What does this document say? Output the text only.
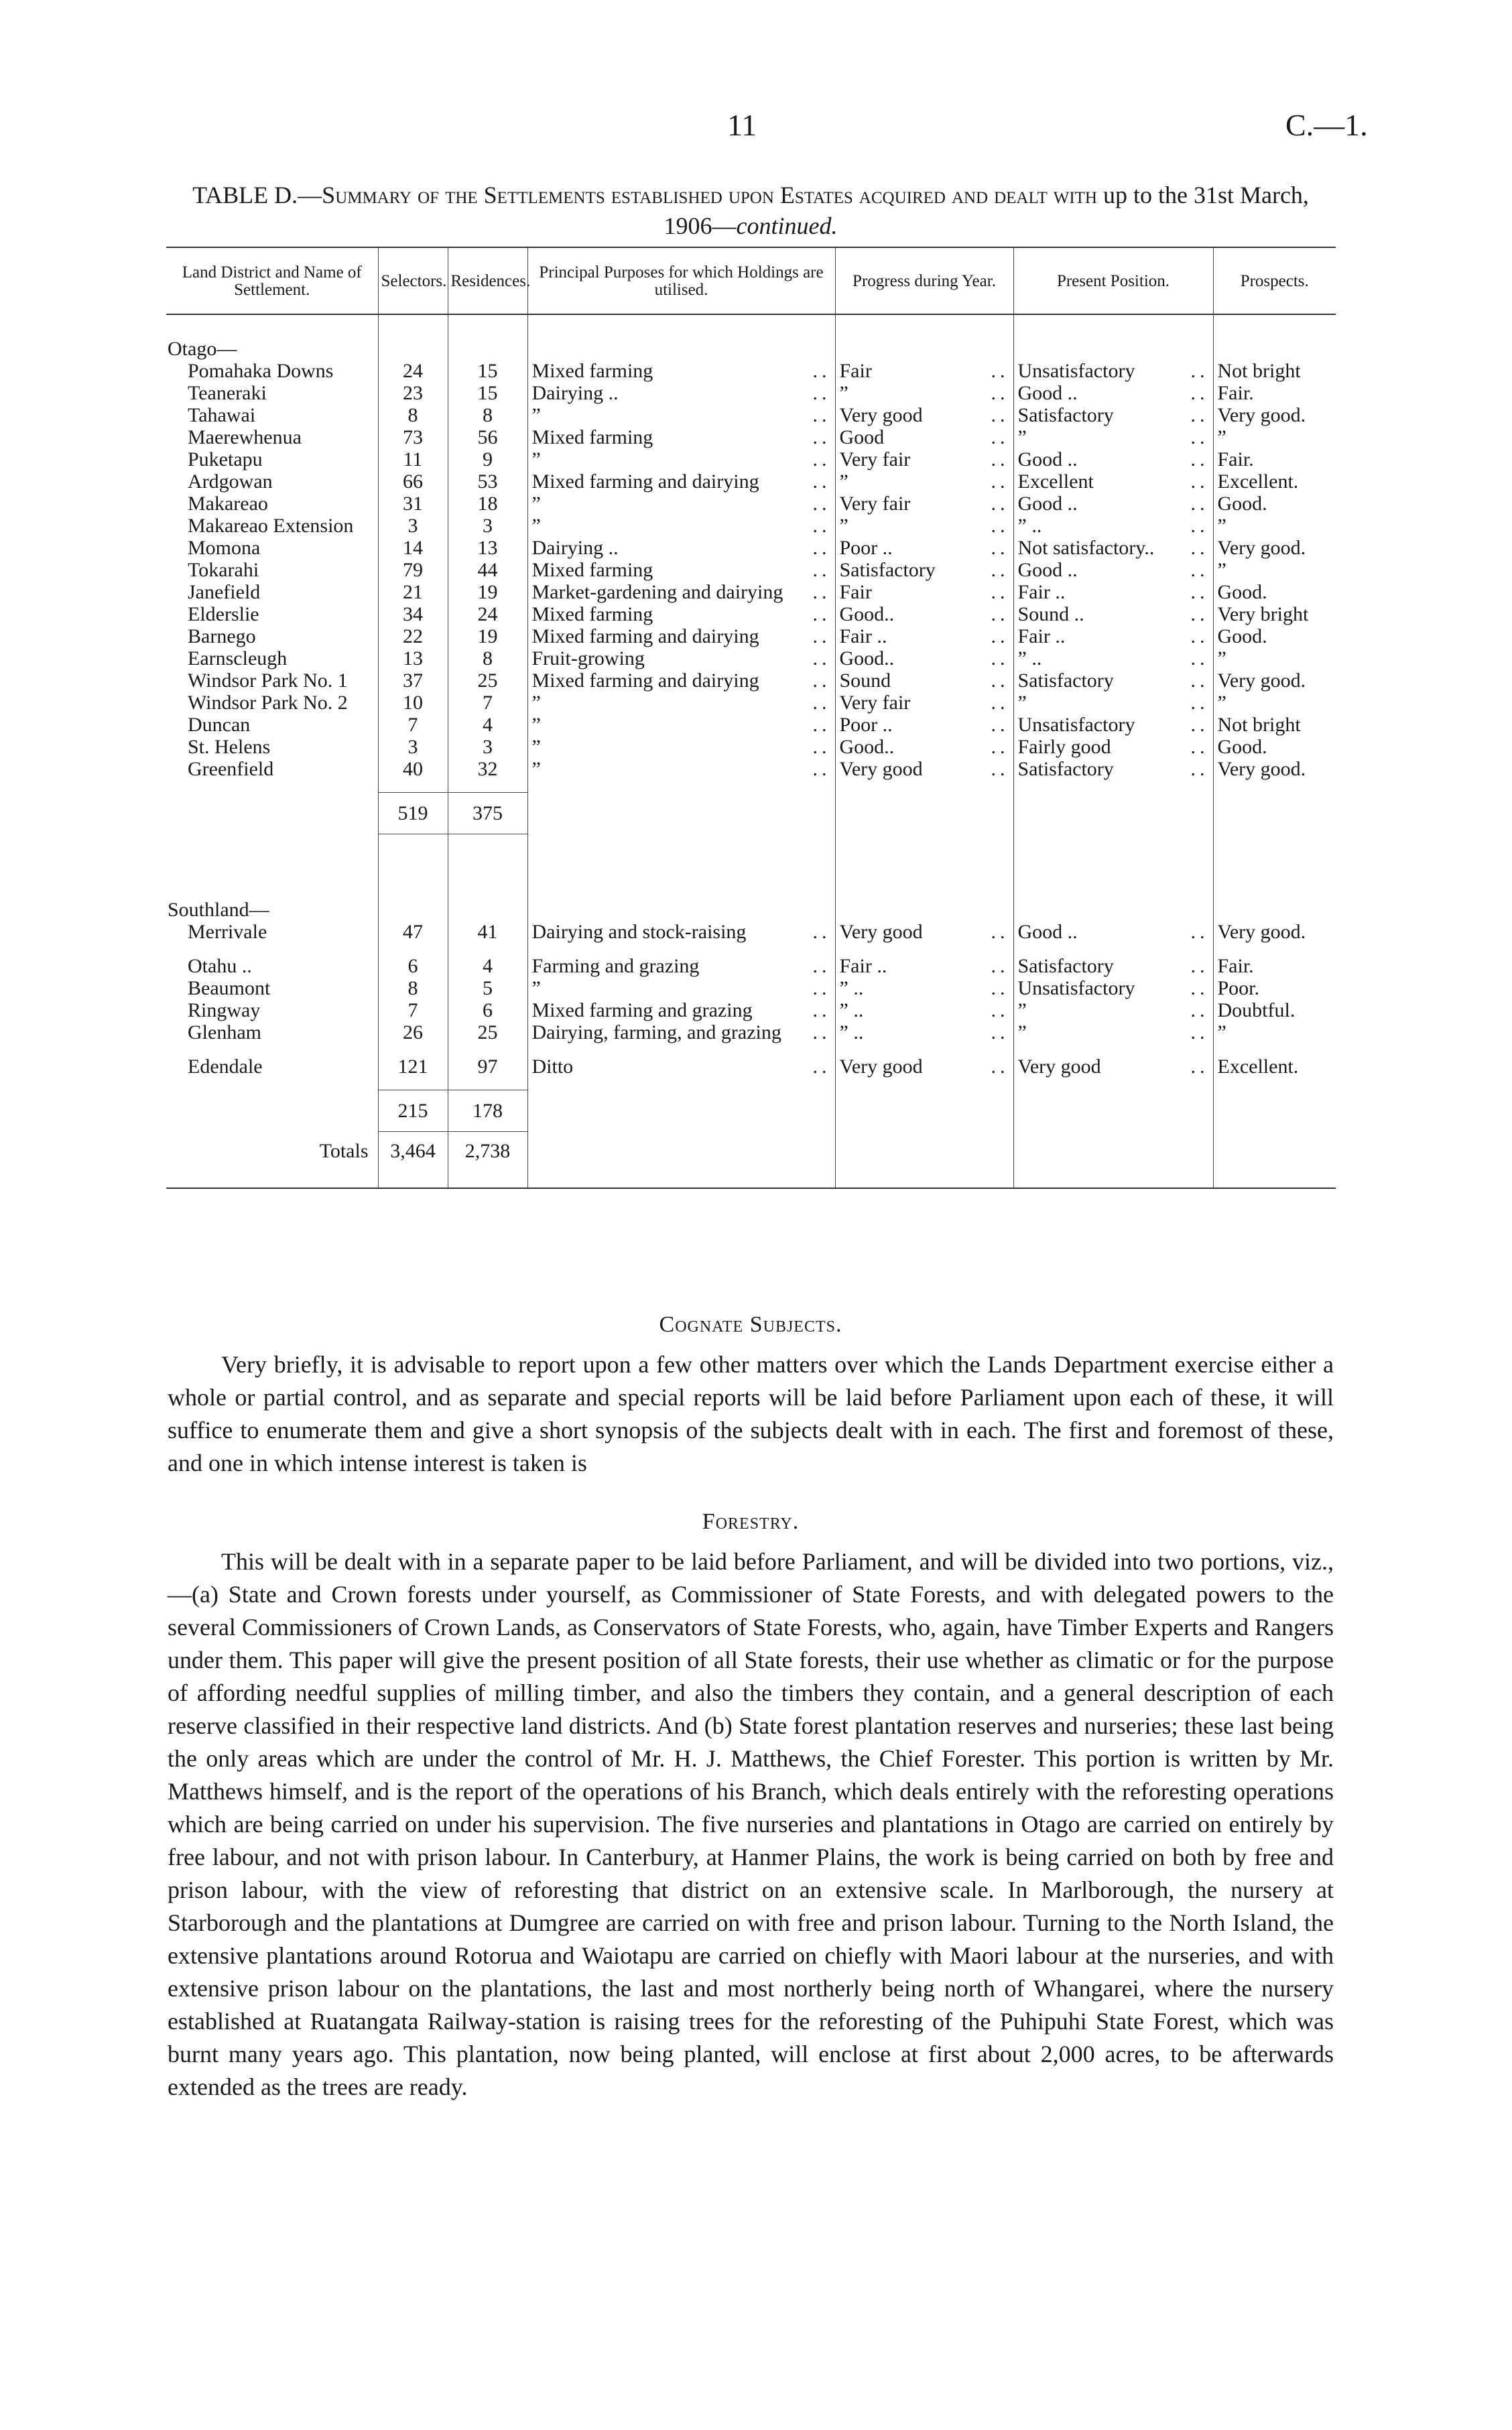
11	C.—1.
TABLE D.—Summary of the Settlements established upon Estates acquired and dealt with up to the 31st March, 1906—continued.
Land District and Name of Settlement.	Selectors.	Residences.	Principal Purposes for which Holdings are utilised.	Progress during Year.	Present Position.	Prospects.

Otago—						
Pomahaka Downs	24	15	Mixed farming ..	Fair ..	Unsatisfactory ..	Not bright
Teaneraki	23	15	Dairying .. ..	” ..	Good .. ..	Fair.
Tahawai	8	8	” ..	Very good ..	Satisfactory ..	Very good.
Maerewhenua	73	56	Mixed farming ..	Good ..	” ..	”
Puketapu	11	9	” ..	Very fair ..	Good .. ..	Fair.
Ardgowan	66	53	Mixed farming and dairying ..	” ..	Excellent ..	Excellent.
Makareao	31	18	” ..	Very fair ..	Good .. ..	Good.
Makareao Extension	3	3	” ..	” ..	” .. ..	”
Momona	14	13	Dairying .. ..	Poor .. ..	Not satisfactory.. ..	Very good.
Tokarahi	79	44	Mixed farming ..	Satisfactory ..	Good .. ..	”
Janefield	21	19	Market-gardening and dairying ..	Fair ..	Fair .. ..	Good.
Elderslie	34	24	Mixed farming ..	Good.. ..	Sound .. ..	Very bright
Barnego	22	19	Mixed farming and dairying ..	Fair .. ..	Fair .. ..	Good.
Earnscleugh	13	8	Fruit-growing ..	Good.. ..	” .. ..	”
Windsor Park No. 1	37	25	Mixed farming and dairying ..	Sound ..	Satisfactory ..	Very good.
Windsor Park No. 2	10	7	” ..	Very fair ..	” ..	”
Duncan	7	4	” ..	Poor .. ..	Unsatisfactory ..	Not bright
St. Helens	3	3	” ..	Good.. ..	Fairly good ..	Good.
Greenfield	40	32	” ..	Very good ..	Satisfactory ..	Very good.

	519	375				

Southland—						
Merrivale	47	41	Dairying and stock-raising ..	Very good ..	Good .. ..	Very good.

Otahu ..	6	4	Farming and grazing ..	Fair .. ..	Satisfactory ..	Fair.
Beaumont	8	5	” ..	” .. ..	Unsatisfactory ..	Poor.
Ringway	7	6	Mixed farming and grazing ..	” .. ..	” ..	Doubtful.
Glenham	26	25	Dairying, farming, and grazing ..	” .. ..	” ..	”

Edendale	121	97	Ditto ..	Very good ..	Very good ..	Excellent.

	215	178				
Totals	3,464	2,738				

Cognate Subjects.
Very briefly, it is advisable to report upon a few other matters over which the Lands Department exercise either a whole or partial control, and as separate and special reports will be laid before Parliament upon each of these, it will suffice to enumerate them and give a short synopsis of the subjects dealt with in each. The first and foremost of these, and one in which intense interest is taken is
Forestry.
This will be dealt with in a separate paper to be laid before Parliament, and will be divided into two portions, viz.,—(a) State and Crown forests under yourself, as Commissioner of State Forests, and with delegated powers to the several Commissioners of Crown Lands, as Conservators of State Forests, who, again, have Timber Experts and Rangers under them. This paper will give the present position of all State forests, their use whether as climatic or for the purpose of affording needful supplies of milling timber, and also the timbers they contain, and a general description of each reserve classified in their respective land districts. And (b) State forest plantation reserves and nurseries; these last being the only areas which are under the control of Mr. H. J. Matthews, the Chief Forester. This portion is written by Mr. Matthews himself, and is the report of the operations of his Branch, which deals entirely with the reforesting operations which are being carried on under his supervision. The five nurseries and plantations in Otago are carried on entirely by free labour, and not with prison labour. In Canterbury, at Hanmer Plains, the work is being carried on both by free and prison labour, with the view of reforesting that district on an extensive scale. In Marlborough, the nursery at Starborough and the plantations at Dumgree are carried on with free and prison labour. Turning to the North Island, the extensive plantations around Rotorua and Waiotapu are carried on chiefly with Maori labour at the nurseries, and with extensive prison labour on the plantations, the last and most northerly being north of Whangarei, where the nursery established at Ruatangata Railway-station is raising trees for the reforesting of the Puhipuhi State Forest, which was burnt many years ago. This plantation, now being planted, will enclose at first about 2,000 acres, to be afterwards extended as the trees are ready.
